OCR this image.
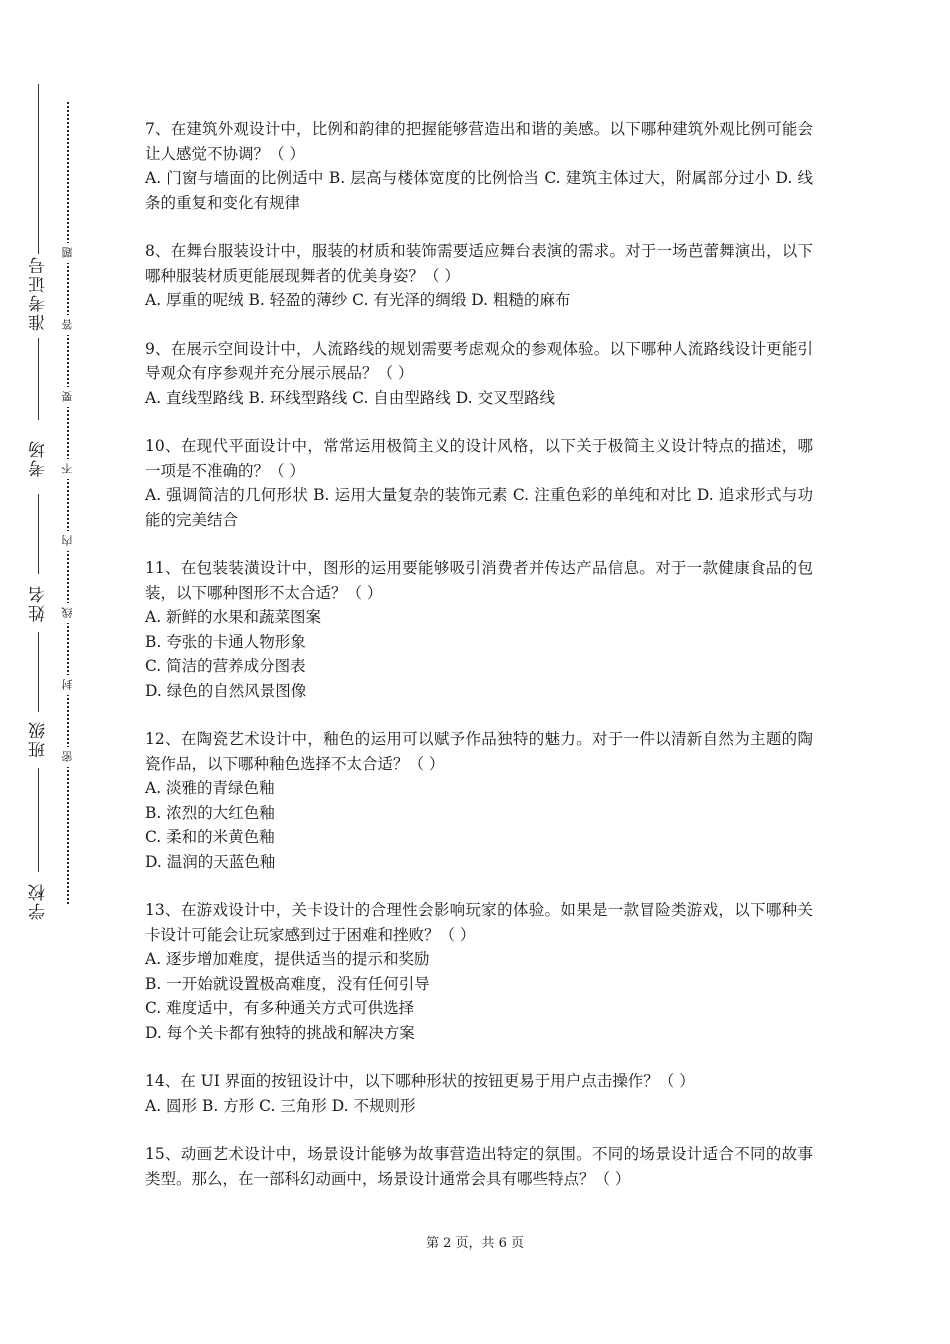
准考证号
考场
姓名
班级
学校
题
答
要
不
内
线
封
密

7、在建筑外观设计中，比例和韵律的把握能够营造出和谐的美感。以下哪种建筑外观比例可能会让人感觉不协调？（ ）

A. 门窗与墙面的比例适中 B. 层高与楼体宽度的比例恰当 C. 建筑主体过大，附属部分过小 D. 线条的重复和变化有规律

8、在舞台服装设计中，服装的材质和装饰需要适应舞台表演的需求。对于一场芭蕾舞演出，以下哪种服装材质更能展现舞者的优美身姿？（ ）

A. 厚重的呢绒 B. 轻盈的薄纱 C. 有光泽的绸缎 D. 粗糙的麻布

9、在展示空间设计中，人流路线的规划需要考虑观众的参观体验。以下哪种人流路线设计更能引导观众有序参观并充分展示展品？（ ）

A. 直线型路线 B. 环线型路线 C. 自由型路线 D. 交叉型路线

10、在现代平面设计中，常常运用极简主义的设计风格，以下关于极简主义设计特点的描述，哪一项是不准确的？（ ）

A. 强调简洁的几何形状 B. 运用大量复杂的装饰元素 C. 注重色彩的单纯和对比 D. 追求形式与功能的完美结合

11、在包装装潢设计中，图形的运用要能够吸引消费者并传达产品信息。对于一款健康食品的包装，以下哪种图形不太合适？（ ）

A. 新鲜的水果和蔬菜图案

B. 夸张的卡通人物形象

C. 简洁的营养成分图表

D. 绿色的自然风景图像

12、在陶瓷艺术设计中，釉色的运用可以赋予作品独特的魅力。对于一件以清新自然为主题的陶瓷作品，以下哪种釉色选择不太合适？（ ）

A. 淡雅的青绿色釉

B. 浓烈的大红色釉

C. 柔和的米黄色釉

D. 温润的天蓝色釉

13、在游戏设计中，关卡设计的合理性会影响玩家的体验。如果是一款冒险类游戏，以下哪种关卡设计可能会让玩家感到过于困难和挫败？（ ）

A. 逐步增加难度，提供适当的提示和奖励

B. 一开始就设置极高难度，没有任何引导

C. 难度适中，有多种通关方式可供选择

D. 每个关卡都有独特的挑战和解决方案

14、在 UI 界面的按钮设计中，以下哪种形状的按钮更易于用户点击操作？（ ）

A. 圆形 B. 方形 C. 三角形 D. 不规则形

15、动画艺术设计中，场景设计能够为故事营造出特定的氛围。不同的场景设计适合不同的故事类型。那么，在一部科幻动画中，场景设计通常会具有哪些特点？（ ）

第 2 页，共 6 页
